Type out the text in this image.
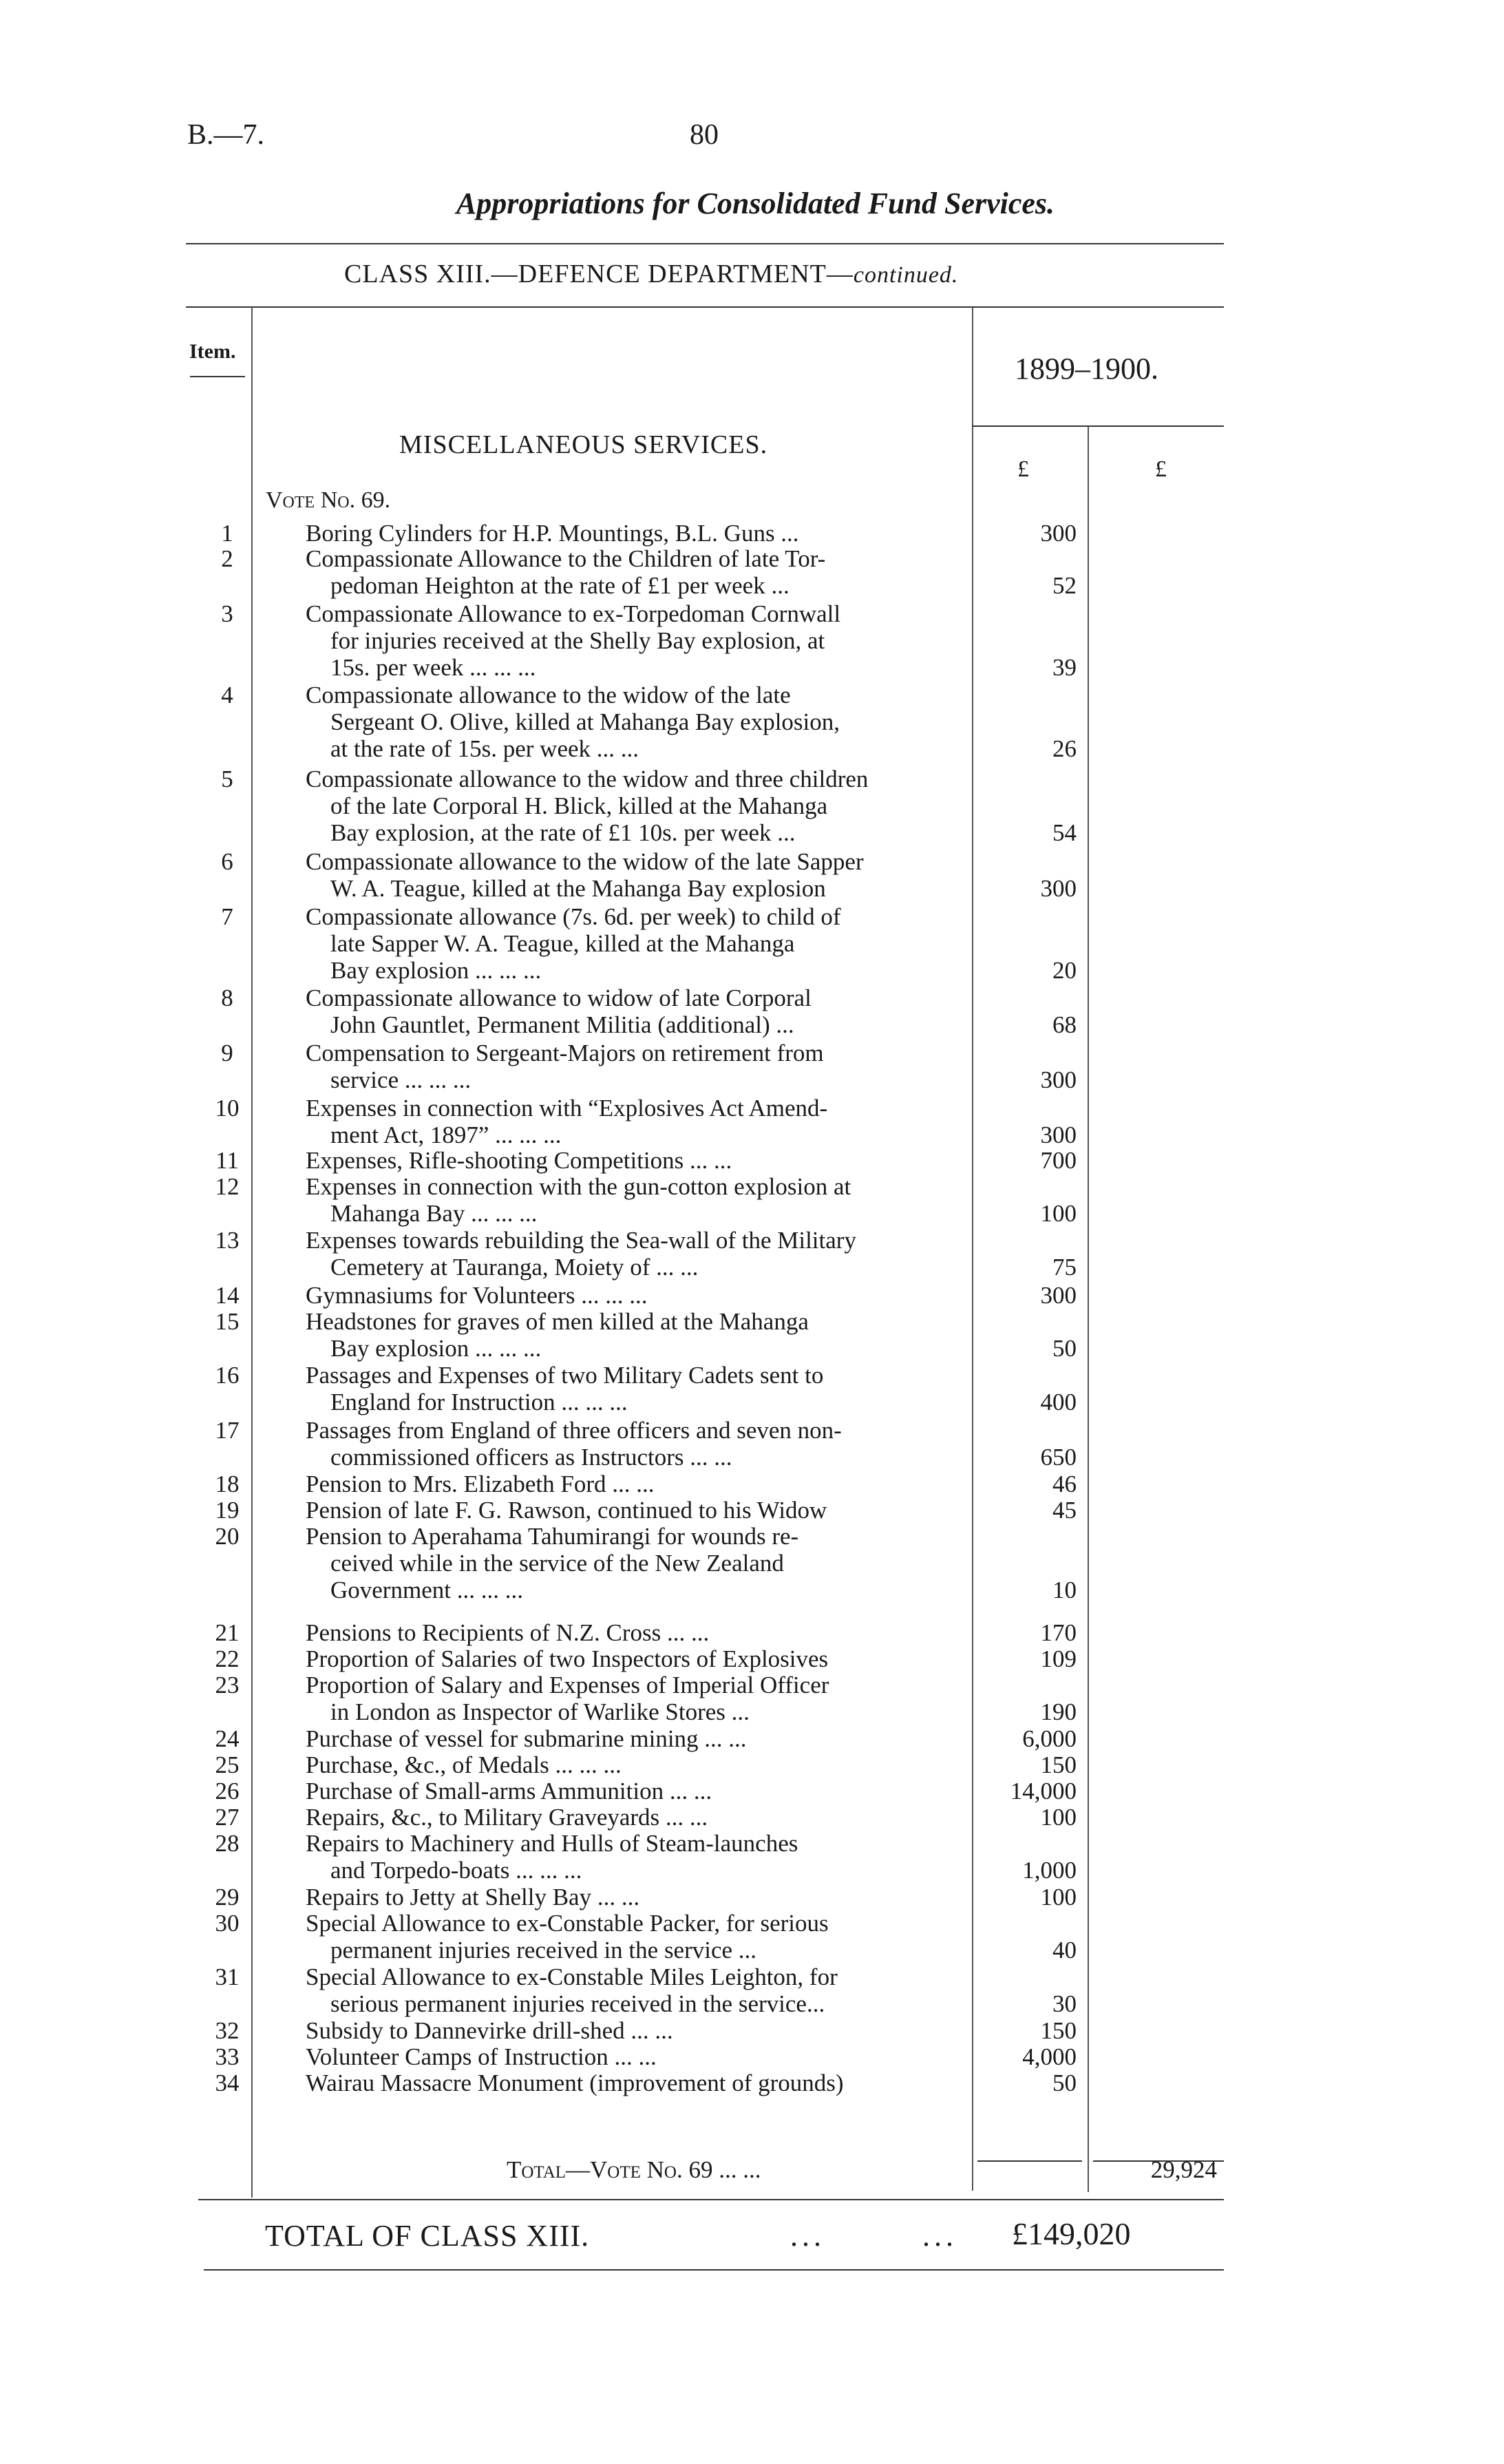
B.—7.	80
Appropriations for Consolidated Fund Services.
CLASS XIII.—DEFENCE DEPARTMENT—continued.
Item.
1899–1900.
MISCELLANEOUS SERVICES.
£	£
Vote No. 69.
1	Boring Cylinders for H.P. Mountings, B.L. Guns ...	300
2	Compassionate Allowance to the Children of late Tor-
pedoman Heighton at the rate of £1 per week ...	52
3	Compassionate Allowance to ex-Torpedoman Cornwall
for injuries received at the Shelly Bay explosion, at
15s. per week ... ... ...	39
4	Compassionate allowance to the widow of the late
Sergeant O. Olive, killed at Mahanga Bay explosion,
at the rate of 15s. per week ... ...	26
5	Compassionate allowance to the widow and three children
of the late Corporal H. Blick, killed at the Mahanga
Bay explosion, at the rate of £1 10s. per week ...	54
6	Compassionate allowance to the widow of the late Sapper
W. A. Teague, killed at the Mahanga Bay explosion	300
7	Compassionate allowance (7s. 6d. per week) to child of
late Sapper W. A. Teague, killed at the Mahanga
Bay explosion ... ... ...	20
8	Compassionate allowance to widow of late Corporal
John Gauntlet, Permanent Militia (additional) ...	68
9	Compensation to Sergeant-Majors on retirement from
service ... ... ...	300
10	Expenses in connection with “Explosives Act Amend-
ment Act, 1897” ... ... ...	300
11	Expenses, Rifle-shooting Competitions ... ...	700
12	Expenses in connection with the gun-cotton explosion at
Mahanga Bay ... ... ...	100
13	Expenses towards rebuilding the Sea-wall of the Military
Cemetery at Tauranga, Moiety of ... ...	75
14	Gymnasiums for Volunteers ... ... ...	300
15	Headstones for graves of men killed at the Mahanga
Bay explosion ... ... ...	50
16	Passages and Expenses of two Military Cadets sent to
England for Instruction ... ... ...	400
17	Passages from England of three officers and seven non-
commissioned officers as Instructors ... ...	650
18	Pension to Mrs. Elizabeth Ford ... ...	46
19	Pension of late F. G. Rawson, continued to his Widow	45
20	Pension to Aperahama Tahumirangi for wounds re-
ceived while in the service of the New Zealand
Government ... ... ...	10
21	Pensions to Recipients of N.Z. Cross ... ...	170
22	Proportion of Salaries of two Inspectors of Explosives	109
23	Proportion of Salary and Expenses of Imperial Officer
in London as Inspector of Warlike Stores ...	190
24	Purchase of vessel for submarine mining ... ...	6,000
25	Purchase, &c., of Medals ... ... ...	150
26	Purchase of Small-arms Ammunition ... ...	14,000
27	Repairs, &c., to Military Graveyards ... ...	100
28	Repairs to Machinery and Hulls of Steam-launches
and Torpedo-boats ... ... ...	1,000
29	Repairs to Jetty at Shelly Bay ... ...	100
30	Special Allowance to ex-Constable Packer, for serious
permanent injuries received in the service ...	40
31	Special Allowance to ex-Constable Miles Leighton, for
serious permanent injuries received in the service...	30
32	Subsidy to Dannevirke drill-shed ... ...	150
33	Volunteer Camps of Instruction ... ...	4,000
34	Wairau Massacre Monument (improvement of grounds)	50
Total—Vote No. 69 ... ...	29,924
TOTAL OF CLASS XIII.	...	... £149,020
